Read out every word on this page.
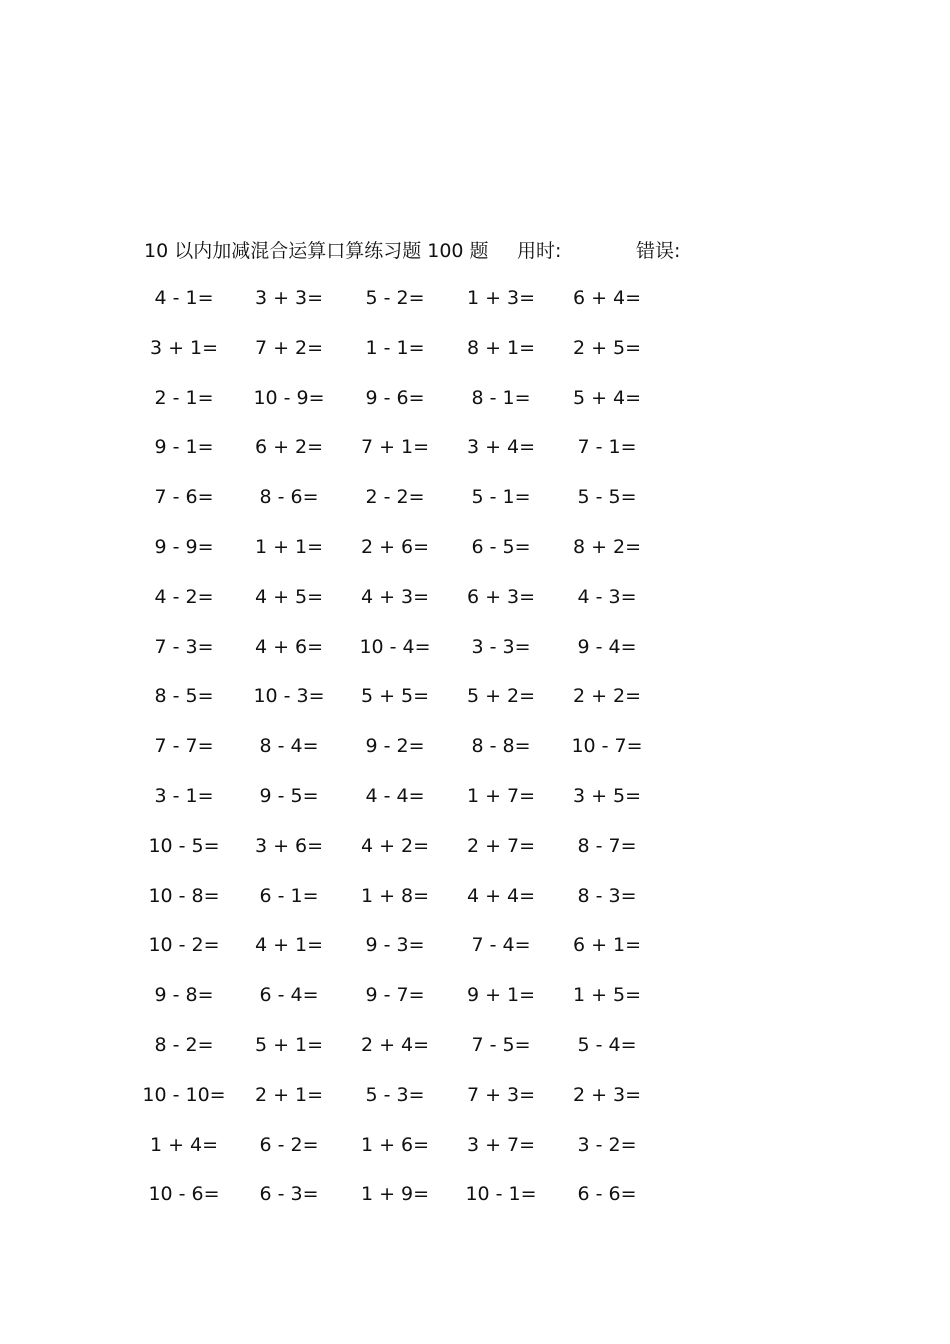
10 以内加减混合运算口算练习题 100 题 用时:	错误:
4 - 1=	3 + 3=	5 - 2=	1 + 3=	6 + 4=
3 + 1=	7 + 2=	1 - 1=	8 + 1=	2 + 5=
2 - 1=	10 - 9=	9 - 6=	8 - 1=	5 + 4=
9 - 1=	6 + 2=	7 + 1=	3 + 4=	7 - 1=
7 - 6=	8 - 6=	2 - 2=	5 - 1=	5 - 5=
9 - 9=	1 + 1=	2 + 6=	6 - 5=	8 + 2=
4 - 2=	4 + 5=	4 + 3=	6 + 3=	4 - 3=
7 - 3=	4 + 6=	10 - 4=	3 - 3=	9 - 4=
8 - 5=	10 - 3=	5 + 5=	5 + 2=	2 + 2=
7 - 7=	8 - 4=	9 - 2=	8 - 8=	10 - 7=
3 - 1=	9 - 5=	4 - 4=	1 + 7=	3 + 5=
10 - 5=	3 + 6=	4 + 2=	2 + 7=	8 - 7=
10 - 8=	6 - 1=	1 + 8=	4 + 4=	8 - 3=
10 - 2=	4 + 1=	9 - 3=	7 - 4=	6 + 1=
9 - 8=	6 - 4=	9 - 7=	9 + 1=	1 + 5=
8 - 2=	5 + 1=	2 + 4=	7 - 5=	5 - 4=
10 - 10=	2 + 1=	5 - 3=	7 + 3=	2 + 3=
1 + 4=	6 - 2=	1 + 6=	3 + 7=	3 - 2=
10 - 6=	6 - 3=	1 + 9=	10 - 1=	6 - 6=
